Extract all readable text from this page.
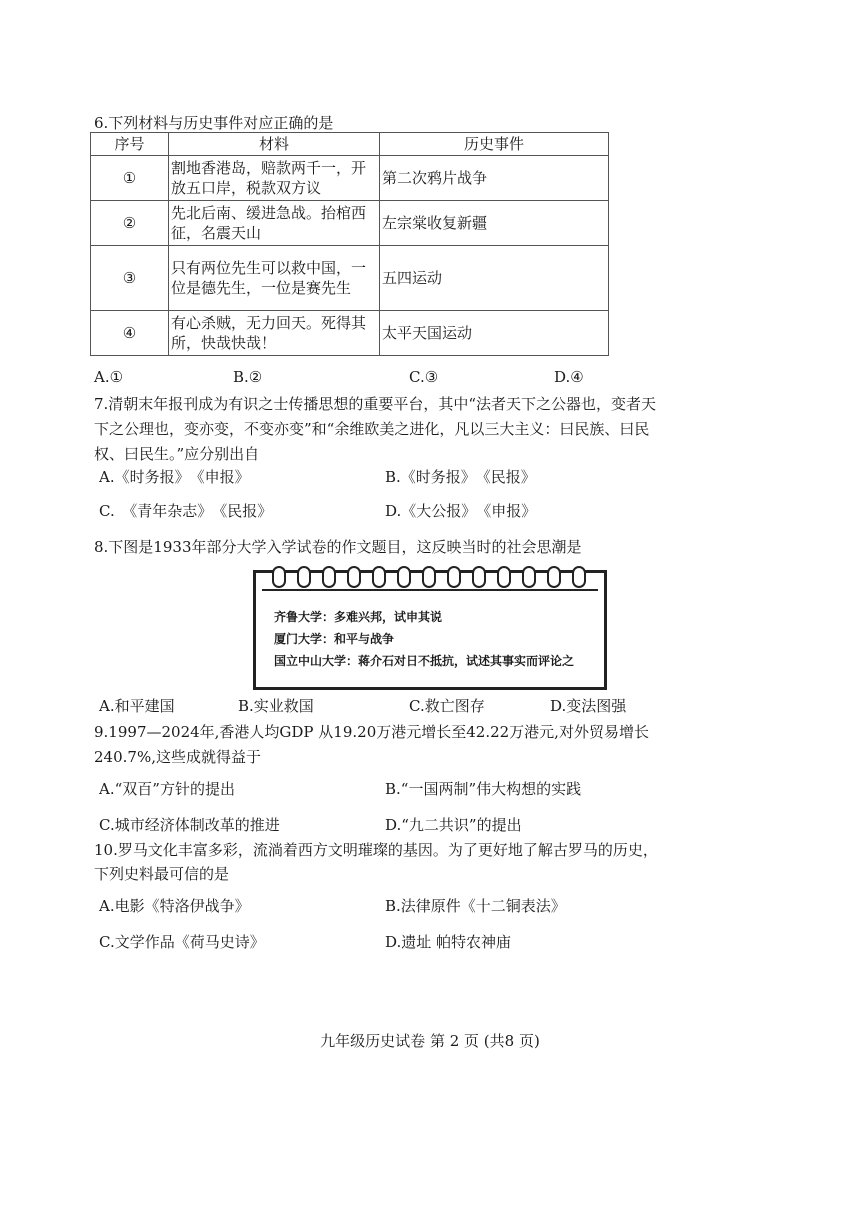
6.下列材料与历史事件对应正确的是
序号	材料	历史事件
①	割地香港岛，赔款两千一，开放五口岸，税款双方议	第二次鸦片战争
②	先北后南、缓进急战。抬棺西征，名震天山	左宗棠收复新疆
③	只有两位先生可以救中国，一位是德先生，一位是赛先生	五四运动
④	有心杀贼，无力回天。死得其所，快哉快哉！	太平天国运动
A.①	B.②	C.③	D.④
7.清朝末年报刊成为有识之士传播思想的重要平台，其中“法者天下之公器也，变者天
下之公理也，变亦变，不变亦变”和“余维欧美之进化，凡以三大主义：曰民族、曰民
权、曰民生。”应分别出自
A.《时务报》　《申报》	B.《时务报》　《民报》
C.　《青年杂志》　《民报》	D.《大公报》　《申报》
8.下图是1933年部分大学入学试卷的作文题目，这反映当时的社会思潮是
齐鲁大学：多难兴邦，试申其说
厦门大学：和平与战争
国立中山大学：蒋介石对日不抵抗，试述其事实而评论之
A.和平建国	B.实业救国	C.救亡图存	D.变法图强
9.1997—2024年,香港人均GDP 从19.20万港元增长至42.22万港元,对外贸易增长
240.7%,这些成就得益于
A.“双百”方针的提出	B.“一国两制”伟大构想的实践
C.城市经济体制改革的推进	D.“九二共识”的提出
10.罗马文化丰富多彩，流淌着西方文明璀璨的基因。为了更好地了解古罗马的历史，
下列史料最可信的是
A.电影《特洛伊战争》	B.法律原件《十二铜表法》
C.文学作品《荷马史诗》	D.遗址 帕特农神庙
九年级历史试卷 第 2 页 (共8 页)
